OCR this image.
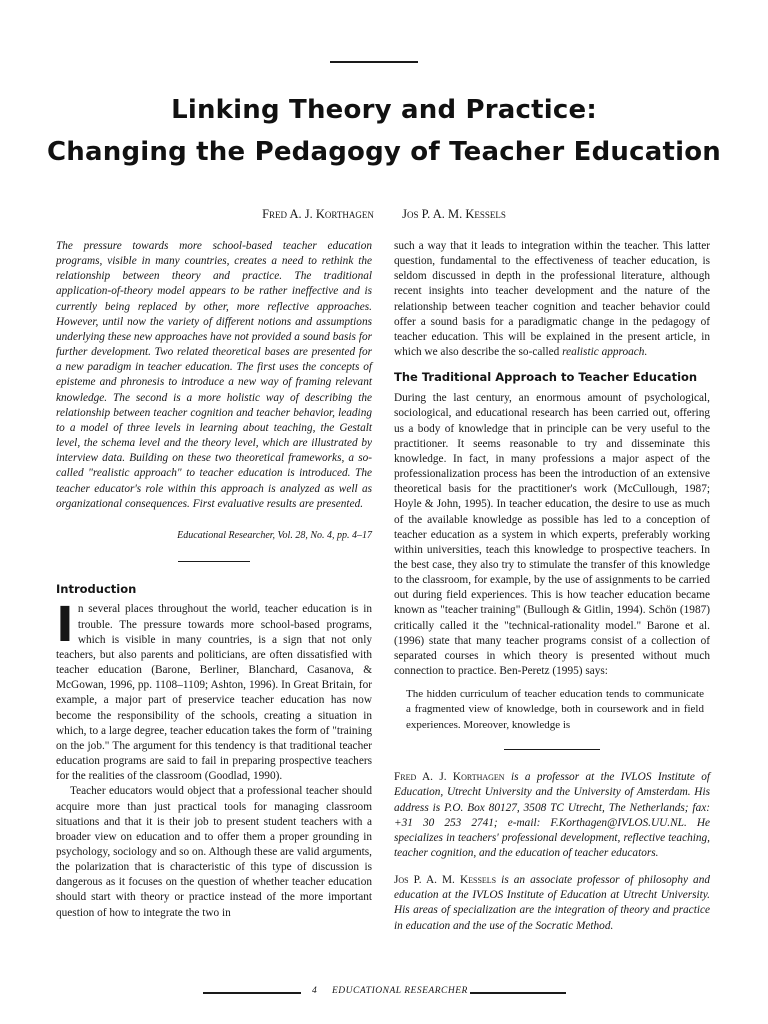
Linking Theory and Practice:
Changing the Pedagogy of Teacher Education
Fred A. J. Korthagen Jos P. A. M. Kessels

The pressure towards more school-based teacher education programs, visible in many countries, creates a need to rethink the relationship between theory and practice. The traditional application-of-theory model appears to be rather ineffective and is currently being replaced by other, more reflective approaches. However, until now the variety of different notions and assumptions underlying these new approaches have not provided a sound basis for further development. Two related theoretical bases are presented for a new paradigm in teacher education. The first uses the concepts of episteme and phronesis to introduce a new way of framing relevant knowledge. The second is a more holistic way of describing the relationship between teacher cognition and teacher behavior, leading to a model of three levels in learning about teaching, the Gestalt level, the schema level and the theory level, which are illustrated by interview data. Building on these two theoretical frameworks, a so-called "realistic approach" to teacher education is introduced. The teacher educator's role within this approach is analyzed as well as organizational consequences. First evaluative results are presented.

Educational Researcher, Vol. 28, No. 4, pp. 4–17

Introduction

In several places throughout the world, teacher education is in trouble. The pressure towards more school-based programs, which is visible in many countries, is a sign that not only teachers, but also parents and politicians, are often dissatisfied with teacher education (Barone, Berliner, Blanchard, Casanova, & McGowan, 1996, pp. 1108–1109; Ashton, 1996). In Great Britain, for example, a major part of preservice teacher education has now become the responsibility of the schools, creating a situation in which, to a large degree, teacher education takes the form of "training on the job." The argument for this tendency is that traditional teacher education programs are said to fail in preparing prospective teachers for the realities of the classroom (Goodlad, 1990).

Teacher educators would object that a professional teacher should acquire more than just practical tools for managing classroom situations and that it is their job to present student teachers with a broader view on education and to offer them a proper grounding in psychology, sociology and so on. Although these are valid arguments, the polarization that is characteristic of this type of discussion is dangerous as it focuses on the question of whether teacher education should start with theory or practice instead of the more important question of how to integrate the two in

such a way that it leads to integration within the teacher. This latter question, fundamental to the effectiveness of teacher education, is seldom discussed in depth in the professional literature, although recent insights into teacher development and the nature of the relationship between teacher cognition and teacher behavior could offer a sound basis for a paradigmatic change in the pedagogy of teacher education. This will be explained in the present article, in which we also describe the so-called realistic approach.

The Traditional Approach to Teacher Education

During the last century, an enormous amount of psychological, sociological, and educational research has been carried out, offering us a body of knowledge that in principle can be very useful to the practitioner. It seems reasonable to try and disseminate this knowledge. In fact, in many professions a major aspect of the professionalization process has been the introduction of an extensive theoretical basis for the practitioner's work (McCullough, 1987; Hoyle & John, 1995). In teacher education, the desire to use as much of the available knowledge as possible has led to a conception of teacher education as a system in which experts, preferably working within universities, teach this knowledge to prospective teachers. In the best case, they also try to stimulate the transfer of this knowledge to the classroom, for example, by the use of assignments to be carried out during field experiences. This is how teacher education became known as "teacher training" (Bullough & Gitlin, 1994). Schön (1987) critically called it the "technical-rationality model." Barone et al. (1996) state that many teacher programs consist of a collection of separated courses in which theory is presented without much connection to practice. Ben-Peretz (1995) says:

The hidden curriculum of teacher education tends to communicate a fragmented view of knowledge, both in coursework and in field experiences. Moreover, knowledge is

Fred A. J. Korthagen is a professor at the IVLOS Institute of Education, Utrecht University and the University of Amsterdam. His address is P.O. Box 80127, 3508 TC Utrecht, The Netherlands; fax: +31 30 253 2741; e-mail: F.Korthagen@IVLOS.UU.NL. He specializes in teachers' professional development, reflective teaching, teacher cognition, and the education of teacher educators.

Jos P. A. M. Kessels is an associate professor of philosophy and education at the IVLOS Institute of Education at Utrecht University. His areas of specialization are the integration of theory and practice in education and the use of the Socratic Method.

4 EDUCATIONAL RESEARCHER
